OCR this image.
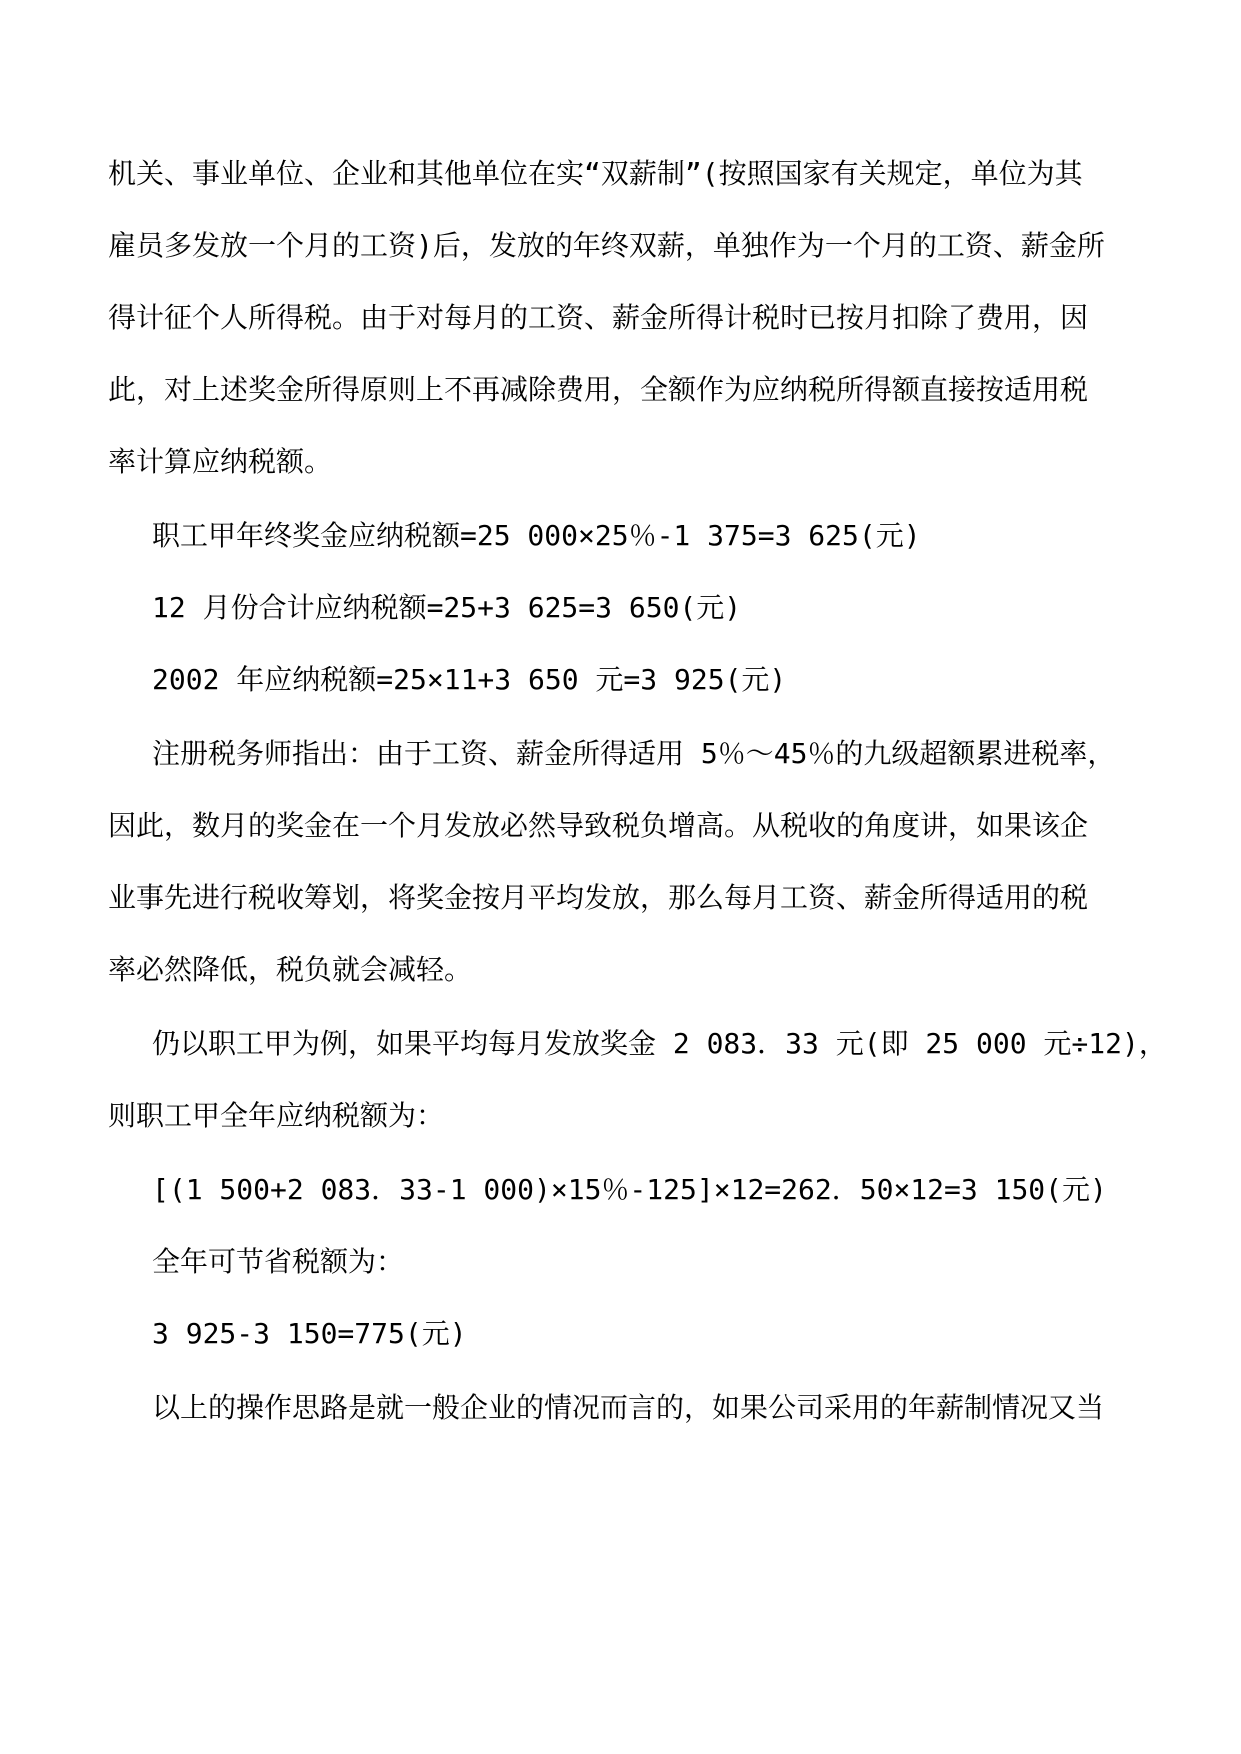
机关、事业单位、企业和其他单位在实“双薪制”(按照国家有关规定，单位为其
雇员多发放一个月的工资)后，发放的年终双薪，单独作为一个月的工资、薪金所
得计征个人所得税。由于对每月的工资、薪金所得计税时已按月扣除了费用，因
此，对上述奖金所得原则上不再减除费用，全额作为应纳税所得额直接按适用税
率计算应纳税额。
职工甲年终奖金应纳税额=25 000×25％-1 375=3 625(元)
12 月份合计应纳税额=25+3 625=3 650(元)
2002 年应纳税额=25×11+3 650 元=3 925(元)
注册税务师指出：由于工资、薪金所得适用 5％～45％的九级超额累进税率，
因此，数月的奖金在一个月发放必然导致税负增高。从税收的角度讲，如果该企
业事先进行税收筹划，将奖金按月平均发放，那么每月工资、薪金所得适用的税
率必然降低，税负就会减轻。
仍以职工甲为例，如果平均每月发放奖金 2 083．33 元(即 25 000 元÷12)，
则职工甲全年应纳税额为：
[(1 500+2 083．33-1 000)×15％-125]×12=262．50×12=3 150(元)
全年可节省税额为：
3 925-3 150=775(元)
以上的操作思路是就一般企业的情况而言的，如果公司采用的年薪制情况又当
